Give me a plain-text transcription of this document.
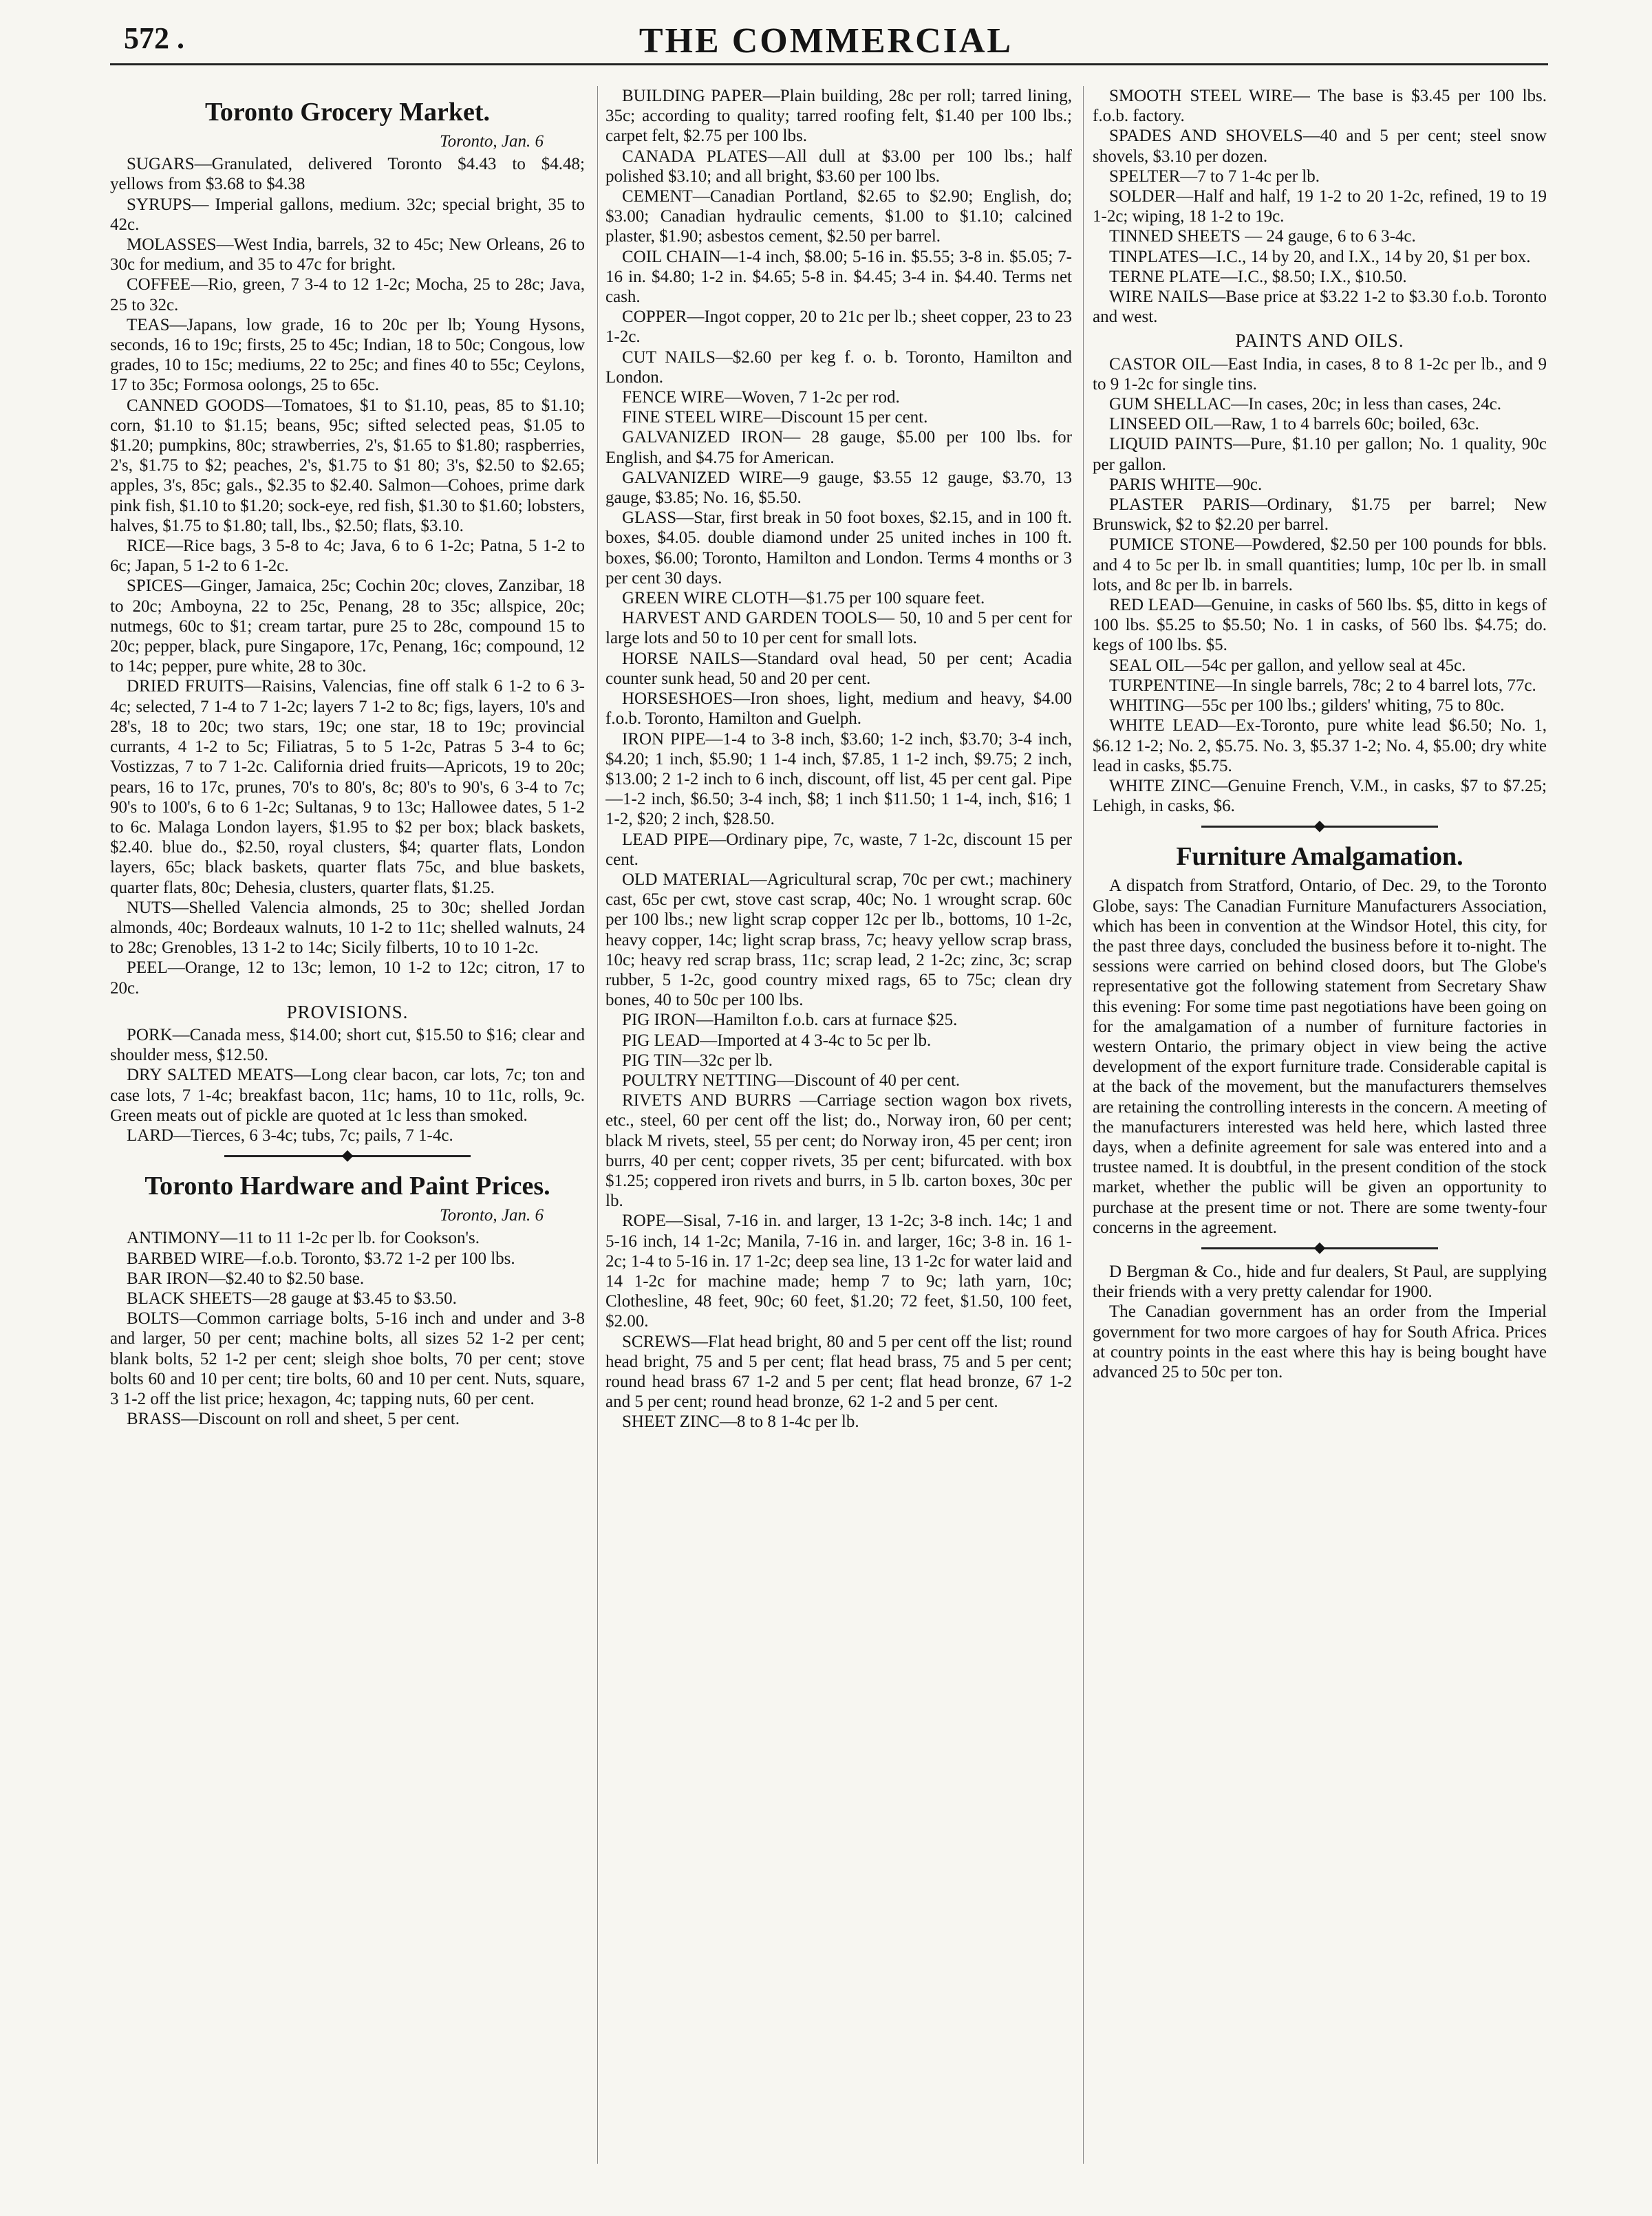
572 .	THE COMMERCIAL
Toronto Grocery Market.
Toronto, Jan. 6

SUGARS—Granulated, delivered Toronto $4.43 to $4.48; yellows from $3.68 to $4.38

SYRUPS— Imperial gallons, medium. 32c; special bright, 35 to 42c.

MOLASSES—West India, barrels, 32 to 45c; New Orleans, 26 to 30c for medium, and 35 to 47c for bright.

COFFEE—Rio, green, 7 3-4 to 12 1-2c; Mocha, 25 to 28c; Java, 25 to 32c.

TEAS—Japans, low grade, 16 to 20c per lb; Young Hysons, seconds, 16 to 19c; firsts, 25 to 45c; Indian, 18 to 50c; Congous, low grades, 10 to 15c; mediums, 22 to 25c; and fines 40 to 55c; Ceylons, 17 to 35c; Formosa oolongs, 25 to 65c.

CANNED GOODS—Tomatoes, $1 to $1.10, peas, 85 to $1.10; corn, $1.10 to $1.15; beans, 95c; sifted selected peas, $1.05 to $1.20; pumpkins, 80c; strawberries, 2's, $1.65 to $1.80; raspberries, 2's, $1.75 to $2; peaches, 2's, $1.75 to $1 80; 3's, $2.50 to $2.65; apples, 3's, 85c; gals., $2.35 to $2.40. Salmon—Cohoes, prime dark pink fish, $1.10 to $1.20; sock-eye, red fish, $1.30 to $1.60; lobsters, halves, $1.75 to $1.80; tall, lbs., $2.50; flats, $3.10.

RICE—Rice bags, 3 5-8 to 4c; Java, 6 to 6 1-2c; Patna, 5 1-2 to 6c; Japan, 5 1-2 to 6 1-2c.

SPICES—Ginger, Jamaica, 25c; Cochin 20c; cloves, Zanzibar, 18 to 20c; Amboyna, 22 to 25c, Penang, 28 to 35c; allspice, 20c; nutmegs, 60c to $1; cream tartar, pure 25 to 28c, compound 15 to 20c; pepper, black, pure Singapore, 17c, Penang, 16c; compound, 12 to 14c; pepper, pure white, 28 to 30c.

DRIED FRUITS—Raisins, Valencias, fine off stalk 6 1-2 to 6 3-4c; selected, 7 1-4 to 7 1-2c; layers 7 1-2 to 8c; figs, layers, 10's and 28's, 18 to 20c; two stars, 19c; one star, 18 to 19c; provincial currants, 4 1-2 to 5c; Filiatras, 5 to 5 1-2c, Patras 5 3-4 to 6c; Vostizzas, 7 to 7 1-2c. California dried fruits—Apricots, 19 to 20c; pears, 16 to 17c, prunes, 70's to 80's, 8c; 80's to 90's, 6 3-4 to 7c; 90's to 100's, 6 to 6 1-2c; Sultanas, 9 to 13c; Hallowee dates, 5 1-2 to 6c. Malaga London layers, $1.95 to $2 per box; black baskets, $2.40. blue do., $2.50, royal clusters, $4; quarter flats, London layers, 65c; black baskets, quarter flats 75c, and blue baskets, quarter flats, 80c; Dehesia, clusters, quarter flats, $1.25.

NUTS—Shelled Valencia almonds, 25 to 30c; shelled Jordan almonds, 40c; Bordeaux walnuts, 10 1-2 to 11c; shelled walnuts, 24 to 28c; Grenobles, 13 1-2 to 14c; Sicily filberts, 10 to 10 1-2c.

PEEL—Orange, 12 to 13c; lemon, 10 1-2 to 12c; citron, 17 to 20c.

PROVISIONS.

PORK—Canada mess, $14.00; short cut, $15.50 to $16; clear and shoulder mess, $12.50.

DRY SALTED MEATS—Long clear bacon, car lots, 7c; ton and case lots, 7 1-4c; breakfast bacon, 11c; hams, 10 to 11c, rolls, 9c. Green meats out of pickle are quoted at 1c less than smoked.

LARD—Tierces, 6 3-4c; tubs, 7c; pails, 7 1-4c.

◆
Toronto Hardware and Paint Prices.
Toronto, Jan. 6

ANTIMONY—11 to 11 1-2c per lb. for Cookson's.

BARBED WIRE—f.o.b. Toronto, $3.72 1-2 per 100 lbs.

BAR IRON—$2.40 to $2.50 base.

BLACK SHEETS—28 gauge at $3.45 to $3.50.

BOLTS—Common carriage bolts, 5-16 inch and under and 3-8 and larger, 50 per cent; machine bolts, all sizes 52 1-2 per cent; blank bolts, 52 1-2 per cent; sleigh shoe bolts, 70 per cent; stove bolts 60 and 10 per cent; tire bolts, 60 and 10 per cent. Nuts, square, 3 1-2 off the list price; hexagon, 4c; tapping nuts, 60 per cent.

BRASS—Discount on roll and sheet, 5 per cent.

BUILDING PAPER—Plain building, 28c per roll; tarred lining, 35c; according to quality; tarred roofing felt, $1.40 per 100 lbs.; carpet felt, $2.75 per 100 lbs.

CANADA PLATES—All dull at $3.00 per 100 lbs.; half polished $3.10; and all bright, $3.60 per 100 lbs.

CEMENT—Canadian Portland, $2.65 to $2.90; English, do; $3.00; Canadian hydraulic cements, $1.00 to $1.10; calcined plaster, $1.90; asbestos cement, $2.50 per barrel.

COIL CHAIN—1-4 inch, $8.00; 5-16 in. $5.55; 3-8 in. $5.05; 7-16 in. $4.80; 1-2 in. $4.65; 5-8 in. $4.45; 3-4 in. $4.40. Terms net cash.

COPPER—Ingot copper, 20 to 21c per lb.; sheet copper, 23 to 23 1-2c.

CUT NAILS—$2.60 per keg f. o. b. Toronto, Hamilton and London.

FENCE WIRE—Woven, 7 1-2c per rod.

FINE STEEL WIRE—Discount 15 per cent.

GALVANIZED IRON— 28 gauge, $5.00 per 100 lbs. for English, and $4.75 for American.

GALVANIZED WIRE—9 gauge, $3.55 12 gauge, $3.70, 13 gauge, $3.85; No. 16, $5.50.

GLASS—Star, first break in 50 foot boxes, $2.15, and in 100 ft. boxes, $4.05. double diamond under 25 united inches in 100 ft. boxes, $6.00; Toronto, Hamilton and London. Terms 4 months or 3 per cent 30 days.

GREEN WIRE CLOTH—$1.75 per 100 square feet.

HARVEST AND GARDEN TOOLS— 50, 10 and 5 per cent for large lots and 50 to 10 per cent for small lots.

HORSE NAILS—Standard oval head, 50 per cent; Acadia counter sunk head, 50 and 20 per cent.

HORSESHOES—Iron shoes, light, medium and heavy, $4.00 f.o.b. Toronto, Hamilton and Guelph.

IRON PIPE—1-4 to 3-8 inch, $3.60; 1-2 inch, $3.70; 3-4 inch, $4.20; 1 inch, $5.90; 1 1-4 inch, $7.85, 1 1-2 inch, $9.75; 2 inch, $13.00; 2 1-2 inch to 6 inch, discount, off list, 45 per cent gal. Pipe—1-2 inch, $6.50; 3-4 inch, $8; 1 inch $11.50; 1 1-4, inch, $16; 1 1-2, $20; 2 inch, $28.50.

LEAD PIPE—Ordinary pipe, 7c, waste, 7 1-2c, discount 15 per cent.

OLD MATERIAL—Agricultural scrap, 70c per cwt.; machinery cast, 65c per cwt, stove cast scrap, 40c; No. 1 wrought scrap. 60c per 100 lbs.; new light scrap copper 12c per lb., bottoms, 10 1-2c, heavy copper, 14c; light scrap brass, 7c; heavy yellow scrap brass, 10c; heavy red scrap brass, 11c; scrap lead, 2 1-2c; zinc, 3c; scrap rubber, 5 1-2c, good country mixed rags, 65 to 75c; clean dry bones, 40 to 50c per 100 lbs.

PIG IRON—Hamilton f.o.b. cars at furnace $25.

PIG LEAD—Imported at 4 3-4c to 5c per lb.

PIG TIN—32c per lb.

POULTRY NETTING—Discount of 40 per cent.

RIVETS AND BURRS —Carriage section wagon box rivets, etc., steel, 60 per cent off the list; do., Norway iron, 60 per cent; black M rivets, steel, 55 per cent; do Norway iron, 45 per cent; iron burrs, 40 per cent; copper rivets, 35 per cent; bifurcated. with box $1.25; coppered iron rivets and burrs, in 5 lb. carton boxes, 30c per lb.

ROPE—Sisal, 7-16 in. and larger, 13 1-2c; 3-8 inch. 14c; 1 and 5-16 inch, 14 1-2c; Manila, 7-16 in. and larger, 16c; 3-8 in. 16 1-2c; 1-4 to 5-16 in. 17 1-2c; deep sea line, 13 1-2c for water laid and 14 1-2c for machine made; hemp 7 to 9c; lath yarn, 10c; Clothesline, 48 feet, 90c; 60 feet, $1.20; 72 feet, $1.50, 100 feet, $2.00.

SCREWS—Flat head bright, 80 and 5 per cent off the list; round head bright, 75 and 5 per cent; flat head brass, 75 and 5 per cent; round head brass 67 1-2 and 5 per cent; flat head bronze, 67 1-2 and 5 per cent; round head bronze, 62 1-2 and 5 per cent.

SHEET ZINC—8 to 8 1-4c per lb.

SMOOTH STEEL WIRE— The base is $3.45 per 100 lbs. f.o.b. factory.

SPADES AND SHOVELS—40 and 5 per cent; steel snow shovels, $3.10 per dozen.

SPELTER—7 to 7 1-4c per lb.

SOLDER—Half and half, 19 1-2 to 20 1-2c, refined, 19 to 19 1-2c; wiping, 18 1-2 to 19c.

TINNED SHEETS — 24 gauge, 6 to 6 3-4c.

TINPLATES—I.C., 14 by 20, and I.X., 14 by 20, $1 per box.

TERNE PLATE—I.C., $8.50; I.X., $10.50.

WIRE NAILS—Base price at $3.22 1-2 to $3.30 f.o.b. Toronto and west.

PAINTS AND OILS.

CASTOR OIL—East India, in cases, 8 to 8 1-2c per lb., and 9 to 9 1-2c for single tins.

GUM SHELLAC—In cases, 20c; in less than cases, 24c.

LINSEED OIL—Raw, 1 to 4 barrels 60c; boiled, 63c.

LIQUID PAINTS—Pure, $1.10 per gallon; No. 1 quality, 90c per gallon.

PARIS WHITE—90c.

PLASTER PARIS—Ordinary, $1.75 per barrel; New Brunswick, $2 to $2.20 per barrel.

PUMICE STONE—Powdered, $2.50 per 100 pounds for bbls. and 4 to 5c per lb. in small quantities; lump, 10c per lb. in small lots, and 8c per lb. in barrels.

RED LEAD—Genuine, in casks of 560 lbs. $5, ditto in kegs of 100 lbs. $5.25 to $5.50; No. 1 in casks, of 560 lbs. $4.75; do. kegs of 100 lbs. $5.

SEAL OIL—54c per gallon, and yellow seal at 45c.

TURPENTINE—In single barrels, 78c; 2 to 4 barrel lots, 77c.

WHITING—55c per 100 lbs.; gilders' whiting, 75 to 80c.

WHITE LEAD—Ex-Toronto, pure white lead $6.50; No. 1, $6.12 1-2; No. 2, $5.75. No. 3, $5.37 1-2; No. 4, $5.00; dry white lead in casks, $5.75.

WHITE ZINC—Genuine French, V.M., in casks, $7 to $7.25; Lehigh, in casks, $6.

◆
Furniture Amalgamation.

A dispatch from Stratford, Ontario, of Dec. 29, to the Toronto Globe, says: The Canadian Furniture Manufacturers Association, which has been in convention at the Windsor Hotel, this city, for the past three days, concluded the business before it to-night. The sessions were carried on behind closed doors, but The Globe's representative got the following statement from Secretary Shaw this evening: For some time past negotiations have been going on for the amalgamation of a number of furniture factories in western Ontario, the primary object in view being the active development of the export furniture trade. Considerable capital is at the back of the movement, but the manufacturers themselves are retaining the controlling interests in the concern. A meeting of the manufacturers interested was held here, which lasted three days, when a definite agreement for sale was entered into and a trustee named. It is doubtful, in the present condition of the stock market, whether the public will be given an opportunity to purchase at the present time or not. There are some twenty-four concerns in the agreement.

◆

D Bergman & Co., hide and fur dealers, St Paul, are supplying their friends with a very pretty calendar for 1900.

The Canadian government has an order from the Imperial government for two more cargoes of hay for South Africa. Prices at country points in the east where this hay is being bought have advanced 25 to 50c per ton.
